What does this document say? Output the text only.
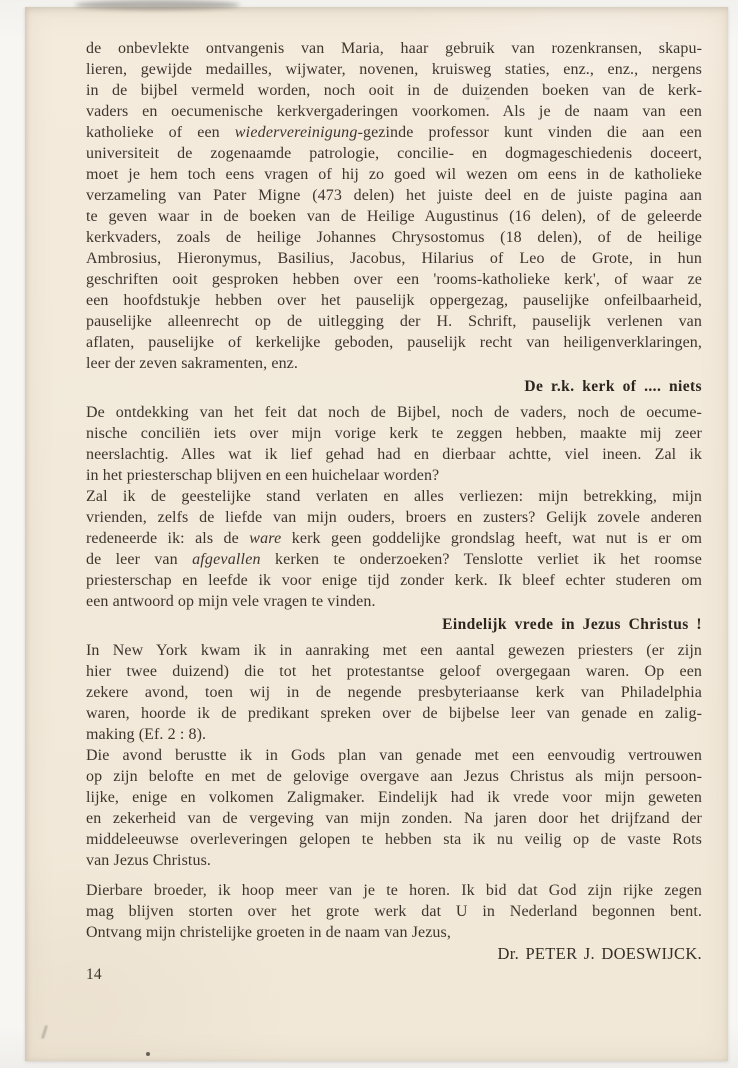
de onbevlekte ontvangenis van Maria, haar gebruik van rozenkransen, skapu-
lieren, gewijde medailles, wijwater, novenen, kruisweg staties, enz., enz., nergens
in de bijbel vermeld worden, noch ooit in de duizenden boeken van de kerk-
vaders en oecumenische kerkvergaderingen voorkomen. Als je de naam van een
katholieke of een wiedervereinigung-gezinde professor kunt vinden die aan een
universiteit de zogenaamde patrologie, concilie- en dogmageschiedenis doceert,
moet je hem toch eens vragen of hij zo goed wil wezen om eens in de katholieke
verzameling van Pater Migne (473 delen) het juiste deel en de juiste pagina aan
te geven waar in de boeken van de Heilige Augustinus (16 delen), of de geleerde
kerkvaders, zoals de heilige Johannes Chrysostomus (18 delen), of de heilige
Ambrosius, Hieronymus, Basilius, Jacobus, Hilarius of Leo de Grote, in hun
geschriften ooit gesproken hebben over een 'rooms-katholieke kerk', of waar ze
een hoofdstukje hebben over het pauselijk oppergezag, pauselijke onfeilbaarheid,
pauselijke alleenrecht op de uitlegging der H. Schrift, pauselijk verlenen van
aflaten, pauselijke of kerkelijke geboden, pauselijk recht van heiligenverklaringen,
leer der zeven sakramenten, enz.
De r.k. kerk of .... niets
De ontdekking van het feit dat noch de Bijbel, noch de vaders, noch de oecume-
nische conciliën iets over mijn vorige kerk te zeggen hebben, maakte mij zeer
neerslachtig. Alles wat ik lief gehad had en dierbaar achtte, viel ineen. Zal ik
in het priesterschap blijven en een huichelaar worden?
Zal ik de geestelijke stand verlaten en alles verliezen: mijn betrekking, mijn
vrienden, zelfs de liefde van mijn ouders, broers en zusters? Gelijk zovele anderen
redeneerde ik: als de ware kerk geen goddelijke grondslag heeft, wat nut is er om
de leer van afgevallen kerken te onderzoeken? Tenslotte verliet ik het roomse
priesterschap en leefde ik voor enige tijd zonder kerk. Ik bleef echter studeren om
een antwoord op mijn vele vragen te vinden.
Eindelijk vrede in Jezus Christus !
In New York kwam ik in aanraking met een aantal gewezen priesters (er zijn
hier twee duizend) die tot het protestantse geloof overgegaan waren. Op een
zekere avond, toen wij in de negende presbyteriaanse kerk van Philadelphia
waren, hoorde ik de predikant spreken over de bijbelse leer van genade en zalig-
making (Ef. 2 : 8).
Die avond berustte ik in Gods plan van genade met een eenvoudig vertrouwen
op zijn belofte en met de gelovige overgave aan Jezus Christus als mijn persoon-
lijke, enige en volkomen Zaligmaker. Eindelijk had ik vrede voor mijn geweten
en zekerheid van de vergeving van mijn zonden. Na jaren door het drijfzand der
middeleeuwse overleveringen gelopen te hebben sta ik nu veilig op de vaste Rots
van Jezus Christus.
Dierbare broeder, ik hoop meer van je te horen. Ik bid dat God zijn rijke zegen
mag blijven storten over het grote werk dat U in Nederland begonnen bent.
Ontvang mijn christelijke groeten in de naam van Jezus,
Dr. PETER J. DOESWIJCK.
14
